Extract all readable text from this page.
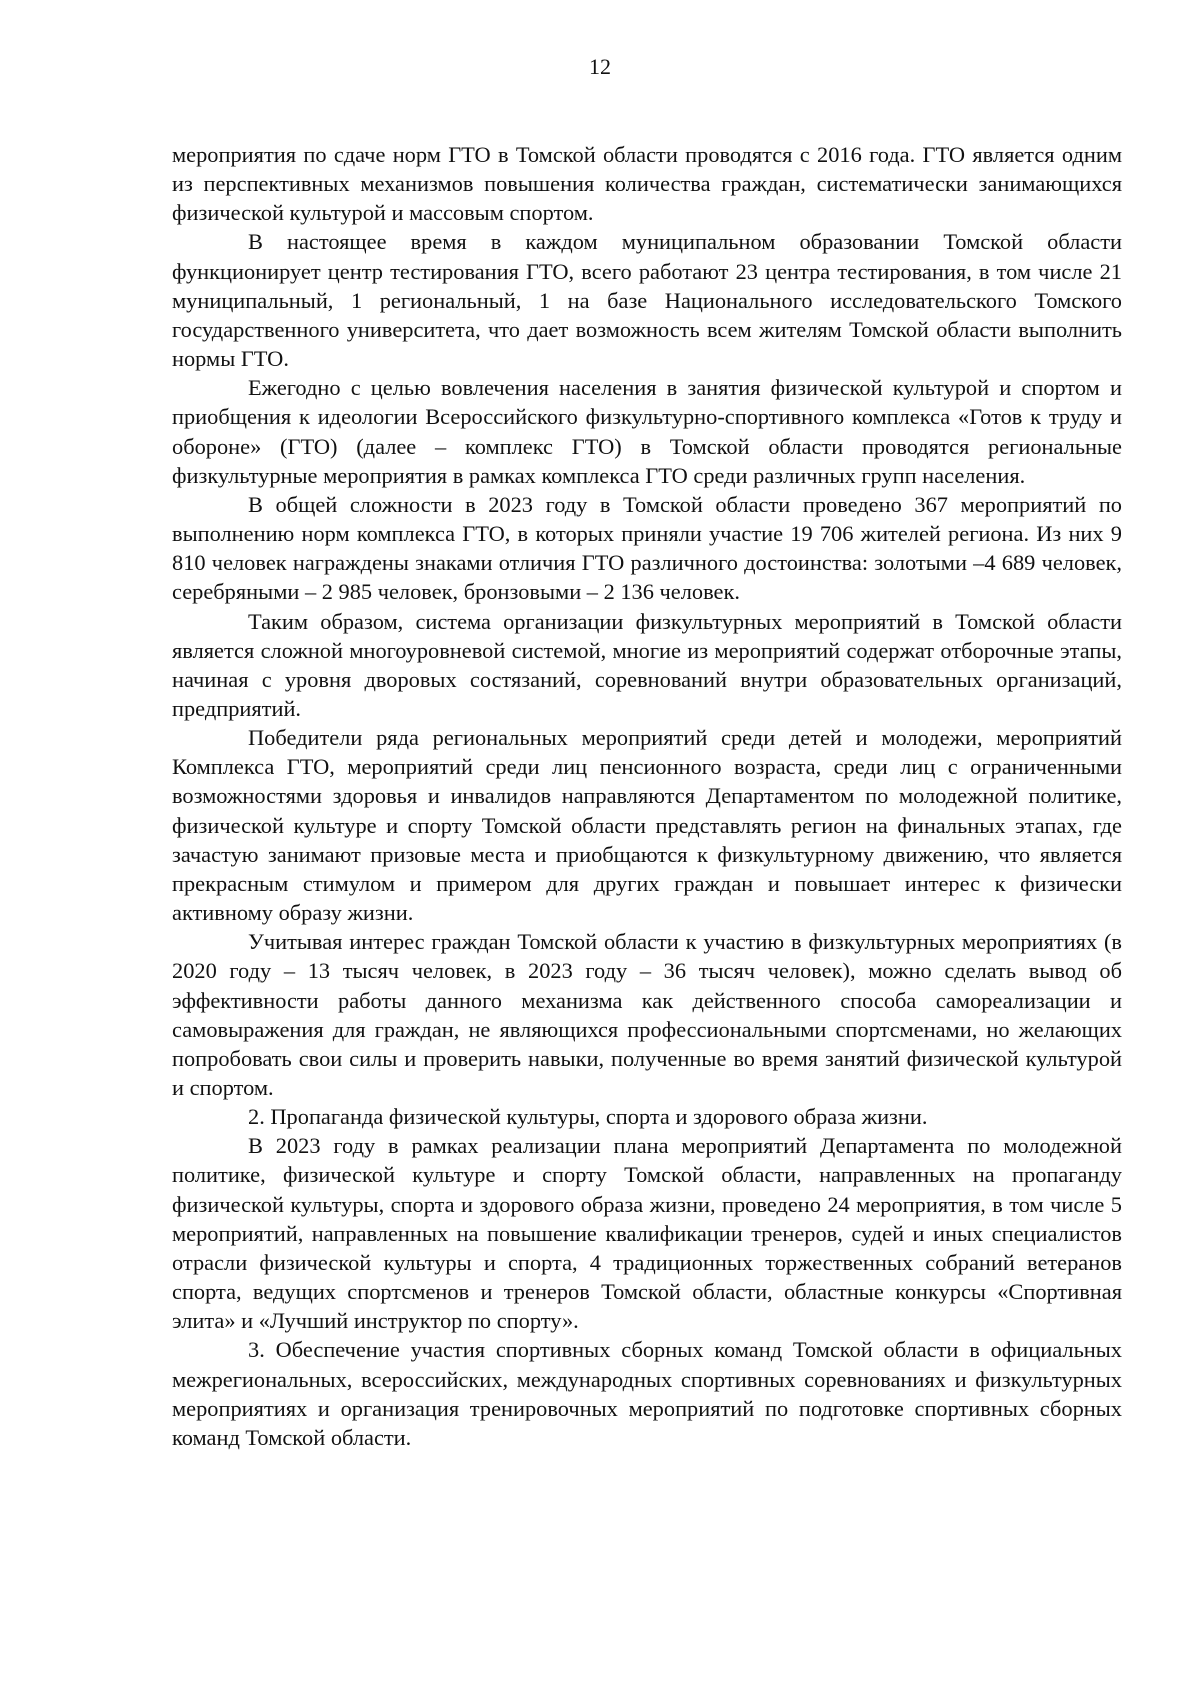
12

мероприятия по сдаче норм ГТО в Томской области проводятся с 2016 года. ГТО является одним из перспективных механизмов повышения количества граждан, систематически занимающихся физической культурой и массовым спортом.

В настоящее время в каждом муниципальном образовании Томской области функционирует центр тестирования ГТО, всего работают 23 центра тестирования, в том числе 21 муниципальный, 1 региональный, 1 на базе Национального исследовательского Томского государственного университета, что дает возможность всем жителям Томской области выполнить нормы ГТО.

Ежегодно с целью вовлечения населения в занятия физической культурой и спортом и приобщения к идеологии Всероссийского физкультурно-спортивного комплекса «Готов к труду и обороне» (ГТО) (далее – комплекс ГТО) в Томской области проводятся региональные физкультурные мероприятия в рамках комплекса ГТО среди различных групп населения.

В общей сложности в 2023 году в Томской области проведено 367 мероприятий по выполнению норм комплекса ГТО, в которых приняли участие 19 706 жителей региона. Из них 9 810 человек награждены знаками отличия ГТО различного достоинства: золотыми –4 689 человек, серебряными – 2 985 человек, бронзовыми – 2 136 человек.

Таким образом, система организации физкультурных мероприятий в Томской области является сложной многоуровневой системой, многие из мероприятий содержат отборочные этапы, начиная с уровня дворовых состязаний, соревнований внутри образовательных организаций, предприятий.

Победители ряда региональных мероприятий среди детей и молодежи, мероприятий Комплекса ГТО, мероприятий среди лиц пенсионного возраста, среди лиц с ограниченными возможностями здоровья и инвалидов направляются Департаментом по молодежной политике, физической культуре и спорту Томской области представлять регион на финальных этапах, где зачастую занимают призовые места и приобщаются к физкультурному движению, что является прекрасным стимулом и примером для других граждан и повышает интерес к физически активному образу жизни.

Учитывая интерес граждан Томской области к участию в физкультурных мероприятиях (в 2020 году – 13 тысяч человек, в 2023 году – 36 тысяч человек), можно сделать вывод об эффективности работы данного механизма как действенного способа самореализации и самовыражения для граждан, не являющихся профессиональными спортсменами, но желающих попробовать свои силы и проверить навыки, полученные во время занятий физической культурой и спортом.

2. Пропаганда физической культуры, спорта и здорового образа жизни.

В 2023 году в рамках реализации плана мероприятий Департамента по молодежной политике, физической культуре и спорту Томской области, направленных на пропаганду физической культуры, спорта и здорового образа жизни, проведено 24 мероприятия, в том числе 5 мероприятий, направленных на повышение квалификации тренеров, судей и иных специалистов отрасли физической культуры и спорта, 4 традиционных торжественных собраний ветеранов спорта, ведущих спортсменов и тренеров Томской области, областные конкурсы «Спортивная элита» и «Лучший инструктор по спорту».

3. Обеспечение участия спортивных сборных команд Томской области в официальных межрегиональных, всероссийских, международных спортивных соревнованиях и физкультурных мероприятиях и организация тренировочных мероприятий по подготовке спортивных сборных команд Томской области.
